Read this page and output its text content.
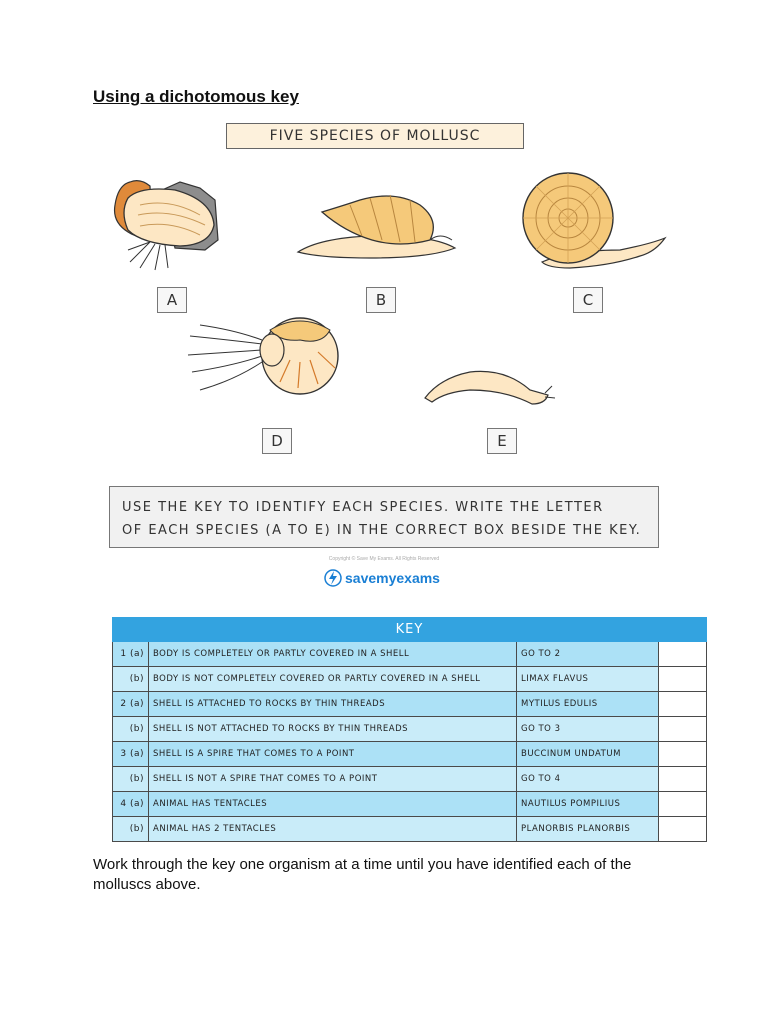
Using a dichotomous key
FIVE SPECIES OF MOLLUSC
A	B	C
D	E
USE THE KEY TO IDENTIFY EACH SPECIES. WRITE THE LETTER
OF EACH SPECIES (A TO E) IN THE CORRECT BOX BESIDE THE KEY.
Copyright © Save My Exams. All Rights Reserved
savemyexams
KEY			
1 (a)	BODY IS COMPLETELY OR PARTLY COVERED IN A SHELL	GO TO 2	
(b)	BODY IS NOT COMPLETELY COVERED OR PARTLY COVERED IN A SHELL	LIMAX FLAVUS	
2 (a)	SHELL IS ATTACHED TO ROCKS BY THIN THREADS	MYTILUS EDULIS	
(b)	SHELL IS NOT ATTACHED TO ROCKS BY THIN THREADS	GO TO 3	
3 (a)	SHELL IS A SPIRE THAT COMES TO A POINT	BUCCINUM UNDATUM	
(b)	SHELL IS NOT A SPIRE THAT COMES TO A POINT	GO TO 4	
4 (a)	ANIMAL HAS TENTACLES	NAUTILUS POMPILIUS	
(b)	ANIMAL HAS 2 TENTACLES	PLANORBIS PLANORBIS	

Work through the key one organism at a time until you have identified each of the molluscs above.
